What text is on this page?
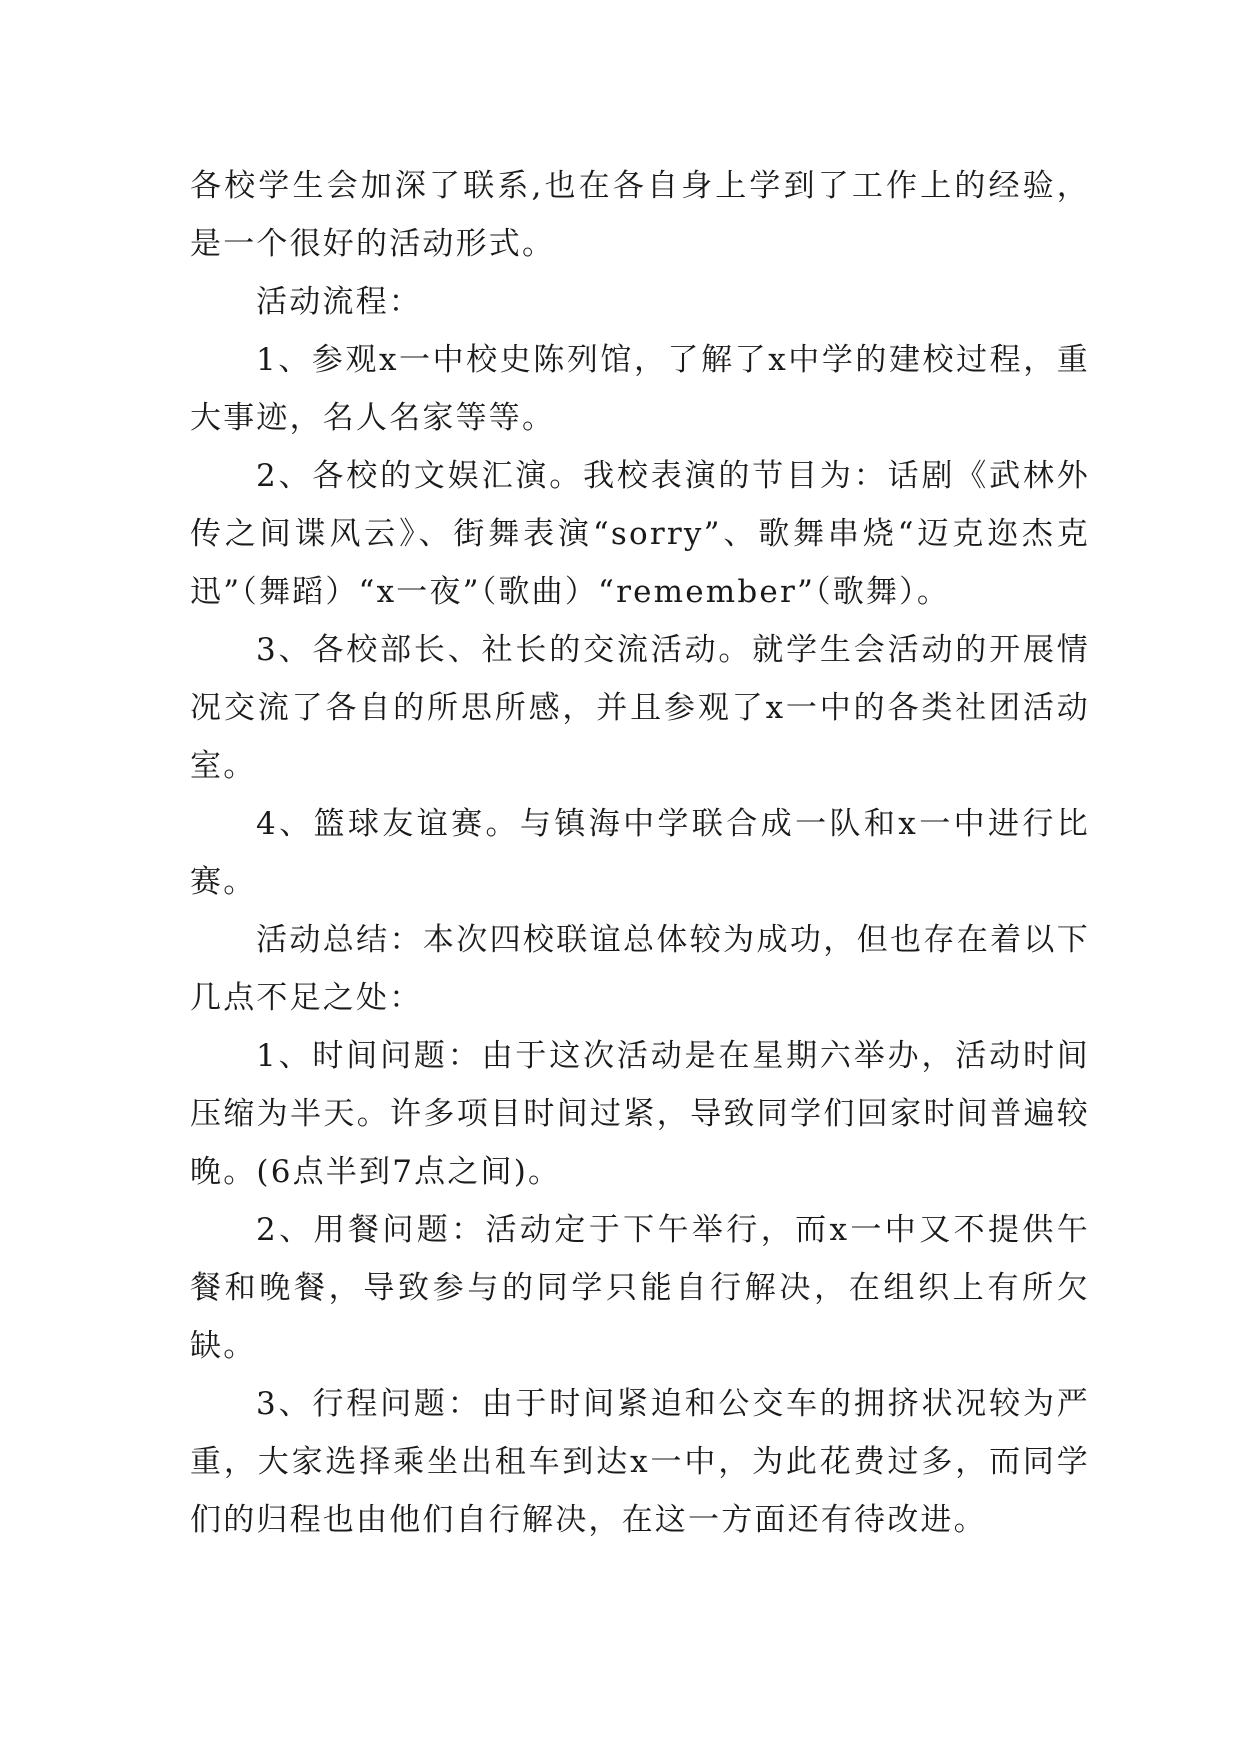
各校学生会加深了联系,也在各自身上学到了工作上的经验，是一个很好的活动形式。

活动流程：

1、参观x一中校史陈列馆，了解了x中学的建校过程，重大事迹，名人名家等等。

2、各校的文娱汇演。我校表演的节目为：话剧《武林外传之间谍风云》、街舞表演“sorry”、歌舞串烧“迈克迩杰克迅”（舞蹈）“x一夜”（歌曲）“remember”（歌舞）。

3、各校部长、社长的交流活动。就学生会活动的开展情况交流了各自的所思所感，并且参观了x一中的各类社团活动室。

4、篮球友谊赛。与镇海中学联合成一队和x一中进行比赛。

活动总结：本次四校联谊总体较为成功，但也存在着以下几点不足之处：

1、时间问题：由于这次活动是在星期六举办，活动时间压缩为半天。许多项目时间过紧，导致同学们回家时间普遍较晚。(6点半到7点之间)。

2、用餐问题：活动定于下午举行，而x一中又不提供午餐和晚餐，导致参与的同学只能自行解决，在组织上有所欠缺。

3、行程问题：由于时间紧迫和公交车的拥挤状况较为严重，大家选择乘坐出租车到达x一中，为此花费过多，而同学们的归程也由他们自行解决，在这一方面还有待改进。
